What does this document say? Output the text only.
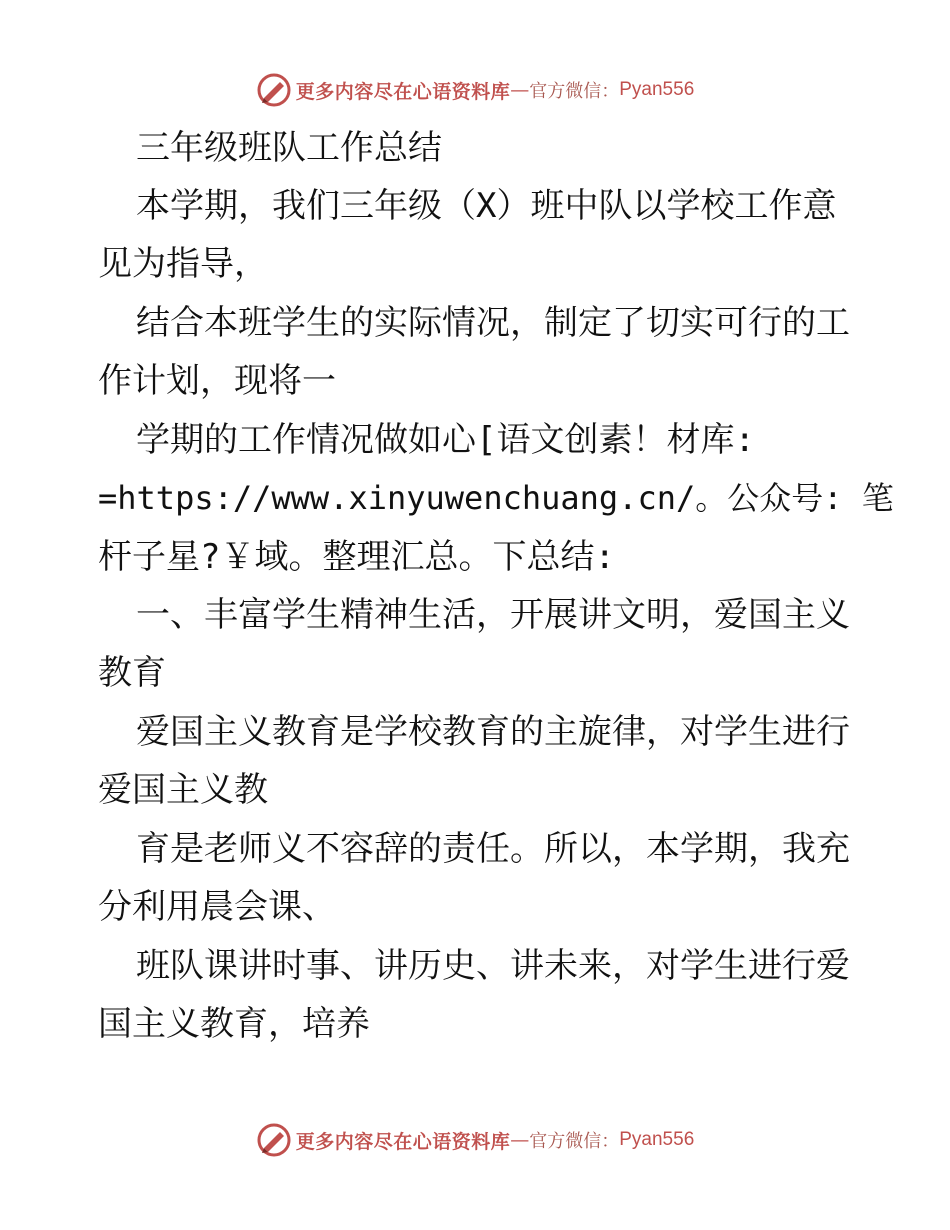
更多内容尽在心语资料库 — 官方微信： Pyan556
三年级班队工作总结
本学期，我们三年级（X）班中队以学校工作意
见为指导，
结合本班学生的实际情况，制定了切实可行的工
作计划，现将一
学期的工作情况做如心[语文创素！材库:
=https://www.xinyuwenchuang.cn/。公众号: 笔
杆子星?￥域。整理汇总。下总结:
一、丰富学生精神生活，开展讲文明，爱国主义
教育
爱国主义教育是学校教育的主旋律，对学生进行
爱国主义教
育是老师义不容辞的责任。所以，本学期，我充
分利用晨会课、
班队课讲时事、讲历史、讲未来，对学生进行爱
国主义教育，培养
更多内容尽在心语资料库 — 官方微信： Pyan556
